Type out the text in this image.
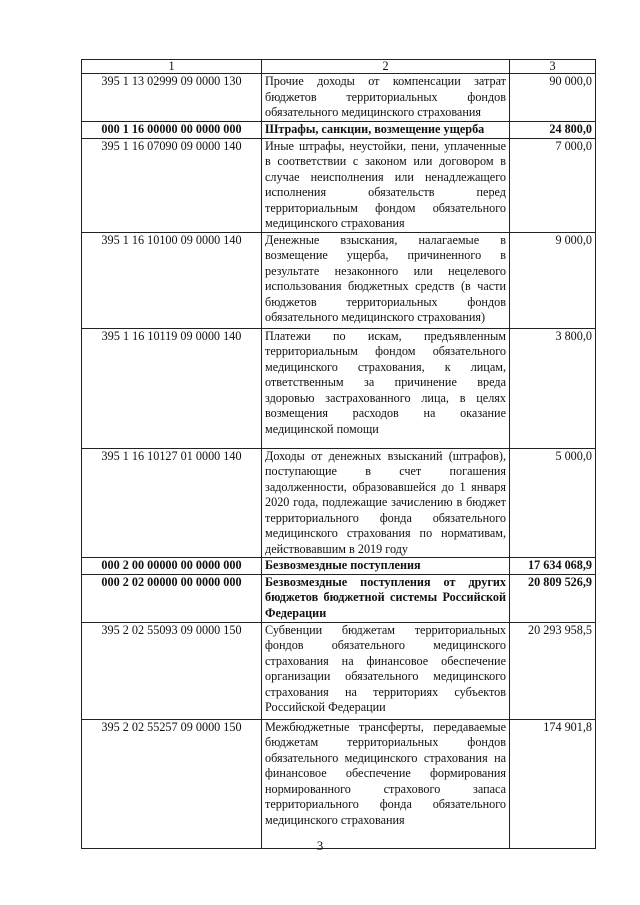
1	2	3
395 1 13 02999 09 0000 130	Прочие доходы от компенсации затрат бюджетов территориальных фондов обязательного медицинского страхования	90 000,0
000 1 16 00000 00 0000 000	Штрафы, санкции, возмещение ущерба	24 800,0
395 1 16 07090 09 0000 140	Иные штрафы, неустойки, пени, уплаченные в соответствии с законом или договором в случае неисполнения или ненадлежащего исполнения обязательств перед территориальным фондом обязательного медицинского страхования	7 000,0
395 1 16 10100 09 0000 140	Денежные взыскания, налагаемые в возмещение ущерба, причиненного в результате незаконного или нецелевого использования бюджетных средств (в части бюджетов территориальных фондов обязательного медицинского страхования)	9 000,0
395 1 16 10119 09 0000 140	Платежи по искам, предъявленным территориальным фондом обязательного медицинского страхования, к лицам, ответственным за причинение вреда здоровью застрахованного лица, в целях возмещения расходов на оказание медицинской помощи	3 800,0
395 1 16 10127 01 0000 140	Доходы от денежных взысканий (штрафов), поступающие в счет погашения задолженности, образовавшейся до 1 января 2020 года, подлежащие зачислению в бюджет территориального фонда обязательного медицинского страхования по нормативам, действовавшим в 2019 году	5 000,0
000 2 00 00000 00 0000 000	Безвозмездные поступления	17 634 068,9
000 2 02 00000 00 0000 000	Безвозмездные поступления от других бюджетов бюджетной системы Российской Федерации	20 809 526,9
395 2 02 55093 09 0000 150	Субвенции бюджетам территориальных фондов обязательного медицинского страхования на финансовое обеспечение организации обязательного медицинского страхования на территориях субъектов Российской Федерации	20 293 958,5
395 2 02 55257 09 0000 150	Межбюджетные трансферты, передаваемые бюджетам территориальных фондов обязательного медицинского страхования на финансовое обеспечение формирования нормированного страхового запаса территориального фонда обязательного медицинского страхования	174 901,8
3
